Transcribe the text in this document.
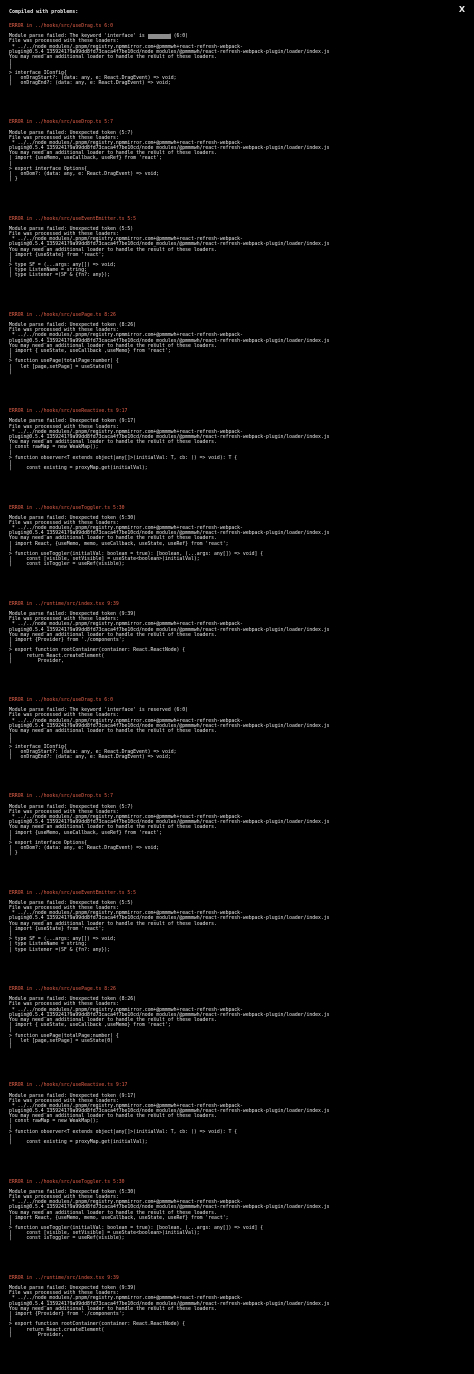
Compiled with problems:	X
ERROR in ../hooks/src/useDrag.ts 6:0
Module parse failed: The keyword 'interface' is reserved (6:0)
File was processed with these loaders:
* ../../node_modules/.pnpm/registry.npmmirror.com+@pmmmwh+react-refresh-webpack-
plugin@0.5.4_1359241?9a99dd8fd73caca4f7be10cd/node_modules/@pmmmwh/react-refresh-webpack-plugin/loader/index.js
You may need an additional loader to handle the result of these loaders.
|
|
> interface IConfig{
|   onDragStart?: (data: any, e: React.DragEvent) => void;
|   onDragEnd?: (data: any, e: React.DragEvent) => void;
ERROR in ../hooks/src/useDrop.ts 5:7
Module parse failed: Unexpected token (5:7)
File was processed with these loaders:
* ../../node_modules/.pnpm/registry.npmmirror.com+@pmmmwh+react-refresh-webpack-
plugin@0.5.4_1359241?9a99dd8fd73caca4f7be10cd/node_modules/@pmmmwh/react-refresh-webpack-plugin/loader/index.js
You may need an additional loader to handle the result of these loaders.
| import {useMemo, useCallback, useRef} from 'react';
|
> export interface Options{
|   onDom?: (data: any, e: React.DragEvent) => void;
| }
ERROR in ../hooks/src/useEventEmitter.ts 5:5
Module parse failed: Unexpected token (5:5)
File was processed with these loaders:
* ../../node_modules/.pnpm/registry.npmmirror.com+@pmmmwh+react-refresh-webpack-
plugin@0.5.4_1359241?9a99dd8fd73caca4f7be10cd/node_modules/@pmmmwh/react-refresh-webpack-plugin/loader/index.js
You may need an additional loader to handle the result of these loaders.
| import {useState} from 'react';
|
> type SF = (...args: any[]) => void;
| type ListenName = string;
| type Listener =(SF & {fn?: any});
ERROR in ../hooks/src/usePage.ts 8:26
Module parse failed: Unexpected token (8:26)
File was processed with these loaders:
* ../../node_modules/.pnpm/registry.npmmirror.com+@pmmmwh+react-refresh-webpack-
plugin@0.5.4_1359241?9a99dd8fd73caca4f7be10cd/node_modules/@pmmmwh/react-refresh-webpack-plugin/loader/index.js
You may need an additional loader to handle the result of these loaders.
| import { useState, useCallback ,useMemo} from 'react';
|
> function usePage(totalPage:number) {
|   let [page,setPage] = useState(0)
|
ERROR in ../hooks/src/useReactive.ts 9:17
Module parse failed: Unexpected token (9:17)
File was processed with these loaders:
* ../../node_modules/.pnpm/registry.npmmirror.com+@pmmmwh+react-refresh-webpack-
plugin@0.5.4_1359241?9a99dd8fd73caca4f7be10cd/node_modules/@pmmmwh/react-refresh-webpack-plugin/loader/index.js
You may need an additional loader to handle the result of these loaders.
| const rawMap = new WeakMap();
|
> function observer<T extends object|any[]>(initialVal: T, cb: () => void): T {
|
|     const existing = proxyMap.get(initialVal);
ERROR in ../hooks/src/useToggler.ts 5:30
Module parse failed: Unexpected token (5:30)
File was processed with these loaders:
* ../../node_modules/.pnpm/registry.npmmirror.com+@pmmmwh+react-refresh-webpack-
plugin@0.5.4_1359241?9a99dd8fd73caca4f7be10cd/node_modules/@pmmmwh/react-refresh-webpack-plugin/loader/index.js
You may need an additional loader to handle the result of these loaders.
| import React, {useMemo, memo, useCallback, useState, useRef} from 'react';
|
> function useToggler(initialVal: boolean = true): [boolean, (...args: any[]) => void] {
|     const [visible, setVisible] = useState<boolean>(initialVal);
|     const isToggler = useRef(visible);
ERROR in ../runtime/src/index.tsx 9:39
Module parse failed: Unexpected token (9:39)
File was processed with these loaders:
* ../../node_modules/.pnpm/registry.npmmirror.com+@pmmmwh+react-refresh-webpack-
plugin@0.5.4_1359241?9a99dd8fd73caca4f7be10cd/node_modules/@pmmmwh/react-refresh-webpack-plugin/loader/index.js
You may need an additional loader to handle the result of these loaders.
| import {Provider} from './components';
|
> export function rootContainer(container: React.ReactNode) {
|     return React.createElement(
|         Provider,
ERROR in ../hooks/src/useDrag.ts 6:0
Module parse failed: The keyword 'interface' is reserved (6:0)
File was processed with these loaders:
* ../../node_modules/.pnpm/registry.npmmirror.com+@pmmmwh+react-refresh-webpack-
plugin@0.5.4_1359241?9a99dd8fd73caca4f7be10cd/node_modules/@pmmmwh/react-refresh-webpack-plugin/loader/index.js
You may need an additional loader to handle the result of these loaders.
|
|
> interface IConfig{
|   onDragStart?: (data: any, e: React.DragEvent) => void;
|   onDragEnd?: (data: any, e: React.DragEvent) => void;
ERROR in ../hooks/src/useDrop.ts 5:7
Module parse failed: Unexpected token (5:7)
File was processed with these loaders:
* ../../node_modules/.pnpm/registry.npmmirror.com+@pmmmwh+react-refresh-webpack-
plugin@0.5.4_1359241?9a99dd8fd73caca4f7be10cd/node_modules/@pmmmwh/react-refresh-webpack-plugin/loader/index.js
You may need an additional loader to handle the result of these loaders.
| import {useMemo, useCallback, useRef} from 'react';
|
> export interface Options{
|   onDom?: (data: any, e: React.DragEvent) => void;
| }
ERROR in ../hooks/src/useEventEmitter.ts 5:5
Module parse failed: Unexpected token (5:5)
File was processed with these loaders:
* ../../node_modules/.pnpm/registry.npmmirror.com+@pmmmwh+react-refresh-webpack-
plugin@0.5.4_1359241?9a99dd8fd73caca4f7be10cd/node_modules/@pmmmwh/react-refresh-webpack-plugin/loader/index.js
You may need an additional loader to handle the result of these loaders.
| import {useState} from 'react';
|
> type SF = (...args: any[]) => void;
| type ListenName = string;
| type Listener =(SF & {fn?: any});
ERROR in ../hooks/src/usePage.ts 8:26
Module parse failed: Unexpected token (8:26)
File was processed with these loaders:
* ../../node_modules/.pnpm/registry.npmmirror.com+@pmmmwh+react-refresh-webpack-
plugin@0.5.4_1359241?9a99dd8fd73caca4f7be10cd/node_modules/@pmmmwh/react-refresh-webpack-plugin/loader/index.js
You may need an additional loader to handle the result of these loaders.
| import { useState, useCallback ,useMemo} from 'react';
|
> function usePage(totalPage:number) {
|   let [page,setPage] = useState(0)
|
ERROR in ../hooks/src/useReactive.ts 9:17
Module parse failed: Unexpected token (9:17)
File was processed with these loaders:
* ../../node_modules/.pnpm/registry.npmmirror.com+@pmmmwh+react-refresh-webpack-
plugin@0.5.4_1359241?9a99dd8fd73caca4f7be10cd/node_modules/@pmmmwh/react-refresh-webpack-plugin/loader/index.js
You may need an additional loader to handle the result of these loaders.
| const rawMap = new WeakMap();
|
> function observer<T extends object|any[]>(initialVal: T, cb: () => void): T {
|
|     const existing = proxyMap.get(initialVal);
ERROR in ../hooks/src/useToggler.ts 5:30
Module parse failed: Unexpected token (5:30)
File was processed with these loaders:
* ../../node_modules/.pnpm/registry.npmmirror.com+@pmmmwh+react-refresh-webpack-
plugin@0.5.4_1359241?9a99dd8fd73caca4f7be10cd/node_modules/@pmmmwh/react-refresh-webpack-plugin/loader/index.js
You may need an additional loader to handle the result of these loaders.
| import React, {useMemo, memo, useCallback, useState, useRef} from 'react';
|
> function useToggler(initialVal: boolean = true): [boolean, (...args: any[]) => void] {
|     const [visible, setVisible] = useState<boolean>(initialVal);
|     const isToggler = useRef(visible);
ERROR in ../runtime/src/index.tsx 9:39
Module parse failed: Unexpected token (9:39)
File was processed with these loaders:
* ../../node_modules/.pnpm/registry.npmmirror.com+@pmmmwh+react-refresh-webpack-
plugin@0.5.4_1359241?9a99dd8fd73caca4f7be10cd/node_modules/@pmmmwh/react-refresh-webpack-plugin/loader/index.js
You may need an additional loader to handle the result of these loaders.
| import {Provider} from './components';
|
> export function rootContainer(container: React.ReactNode) {
|     return React.createElement(
|         Provider,
